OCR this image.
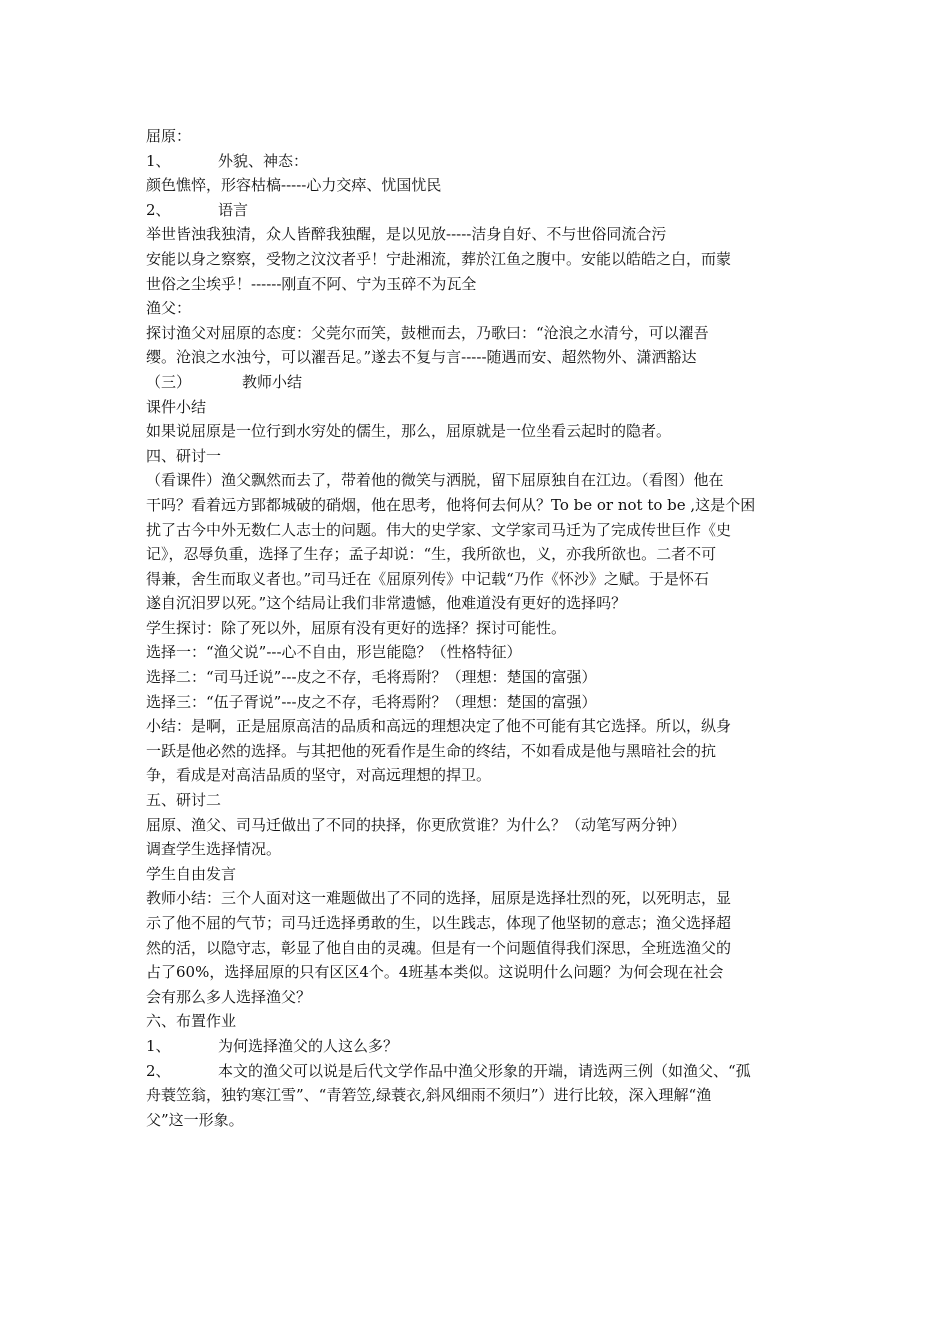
屈原：
1、	外貌、神态：
颜色憔悴，形容枯槁-----心力交瘁、忧国忧民
2、	语言
举世皆浊我独清，众人皆醉我独醒，是以见放-----洁身自好、不与世俗同流合污
安能以身之察察，受物之汶汶者乎！宁赴湘流，葬於江鱼之腹中。安能以皓皓之白，而蒙
世俗之尘埃乎！------刚直不阿、宁为玉碎不为瓦全
渔父：
探讨渔父对屈原的态度：父莞尔而笑，鼓枻而去，乃歌曰：“沧浪之水清兮，可以濯吾
缨。沧浪之水浊兮，可以濯吾足。”遂去不复与言-----随遇而安、超然物外、潇洒豁达
（三）	教师小结
课件小结
如果说屈原是一位行到水穷处的儒生，那么，屈原就是一位坐看云起时的隐者。
四、研讨一
（看课件）渔父飘然而去了，带着他的微笑与洒脱，留下屈原独自在江边。（看图）他在
干吗？看着远方郢都城破的硝烟，他在思考，他将何去何从？To be or not to be ,这是个困
扰了古今中外无数仁人志士的问题。伟大的史学家、文学家司马迁为了完成传世巨作《史
记》，忍辱负重，选择了生存；孟子却说：“生，我所欲也，义，亦我所欲也。二者不可
得兼，舍生而取义者也。”司马迁在《屈原列传》中记载“乃作《怀沙》之赋。于是怀石
遂自沉汨罗以死。”这个结局让我们非常遗憾，他难道没有更好的选择吗？
学生探讨：除了死以外，屈原有没有更好的选择？探讨可能性。
选择一：“渔父说”---心不自由，形岂能隐？（性格特征）
选择二：“司马迁说”---皮之不存，毛将焉附？（理想：楚国的富强）
选择三：“伍子胥说”---皮之不存，毛将焉附？（理想：楚国的富强）
小结：是啊，正是屈原高洁的品质和高远的理想决定了他不可能有其它选择。所以，纵身
一跃是他必然的选择。与其把他的死看作是生命的终结，不如看成是他与黑暗社会的抗
争，看成是对高洁品质的坚守，对高远理想的捍卫。
五、研讨二
屈原、渔父、司马迁做出了不同的抉择，你更欣赏谁？为什么？（动笔写两分钟）
调查学生选择情况。
学生自由发言
教师小结：三个人面对这一难题做出了不同的选择，屈原是选择壮烈的死，以死明志，显
示了他不屈的气节；司马迁选择勇敢的生，以生践志，体现了他坚韧的意志；渔父选择超
然的活，以隐守志，彰显了他自由的灵魂。但是有一个问题值得我们深思，全班选渔父的
占了60%，选择屈原的只有区区4个。4班基本类似。这说明什么问题？为何会现在社会
会有那么多人选择渔父？
六、布置作业
1、	为何选择渔父的人这么多？
2、	本文的渔父可以说是后代文学作品中渔父形象的开端，请选两三例（如渔父、“孤
舟蓑笠翁，独钓寒江雪”、“青箬笠,绿蓑衣,斜风细雨不须归”）进行比较，深入理解“渔
父”这一形象。
